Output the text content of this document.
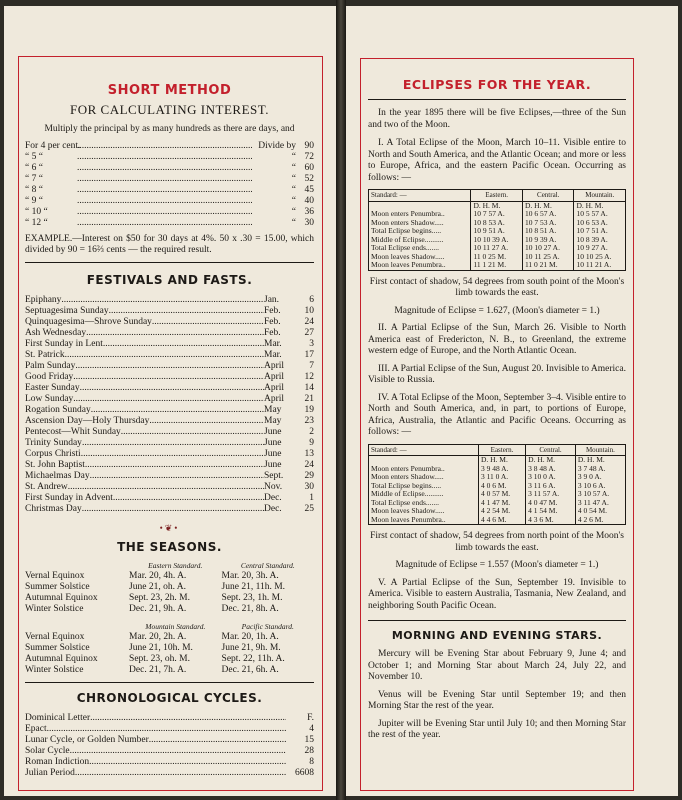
SHORT METHOD
FOR CALCULATING INTEREST.
Multiply the principal by as many hundreds as there are days, and
For 4 per cent. .....	Divide by 90
“ 5 “ .....	“ 72
“ 6 “ .....	“ 60
“ 7 “ .....	“ 52
“ 8 “ .....	“ 45
“ 9 “ .....	“ 40
“ 10 “ .....	“ 36
“ 12 “ .....	“ 30
EXAMPLE.—Interest on $50 for 30 days at 4%. 50 x .30 = 15.00, which divided by 90 = 16⅔ cents — the required result.
FESTIVALS AND FASTS.
Epiphany .....	Jan.	6
Septuagesima Sunday .....	Feb.	10
Quinquagesima—Shrove Sunday .....	Feb.	24
Ash Wednesday .....	Feb.	27
First Sunday in Lent .....	Mar.	3
St. Patrick .....	Mar.	17
Palm Sunday .....	April	7
Good Friday .....	April	12
Easter Sunday .....	April	14
Low Sunday .....	April	21
Rogation Sunday .....	May	19
Ascension Day—Holy Thursday .....	May	23
Pentecost—Whit Sunday .....	June	2
Trinity Sunday .....	June	9
Corpus Christi .....	June	13
St. John Baptist .....	June	24
Michaelmas Day .....	Sept.	29
St. Andrew .....	Nov.	30
First Sunday in Advent .....	Dec.	1
Christmas Day .....	Dec.	25
•❦•
THE SEASONS.
Eastern Standard.	Central Standard.
Vernal Equinox	Mar. 20, 4h. A.	Mar. 20, 3h. A.
Summer Solstice	June 21, oh. A.	June 21, 11h. M.
Autumnal Equinox	Sept. 23, 2h. M.	Sept. 23, 1h. M.
Winter Solstice	Dec. 21, 9h. A.	Dec. 21, 8h. A.
Mountain Standard.	Pacific Standard.
Vernal Equinox	Mar. 20, 2h. A.	Mar. 20, 1h. A.
Summer Solstice	June 21, 10h. M.	June 21, 9h. M.
Autumnal Equinox	Sept. 23, oh. M.	Sept. 22, 11h. A.
Winter Solstice	Dec. 21, 7h. A.	Dec. 21, 6h. A.
CHRONOLOGICAL CYCLES.
Dominical Letter .....	F.
Epact .....	4
Lunar Cycle, or Golden Number .....	15
Solar Cycle .....	28
Roman Indiction .....	8
Julian Period .....	6608
ECLIPSES FOR THE YEAR.

In the year 1895 there will be five Eclipses,—three of the Sun and two of the Moon.

I. A Total Eclipse of the Moon, March 10–11. Visible entire to North and South America, and the Atlantic Ocean; and more or less to Europe, Africa, and the eastern Pacific Ocean. Occurring as follows: —

Standard: —	Eastern.	Central.	Mountain.
	D. H. M.	D. H. M.	D. H. M.
Moon enters Penumbra..	10 7 57 A.	10 6 57 A.	10 5 57 A.
Moon enters Shadow.....	10 8 53 A.	10 7 53 A.	10 6 53 A.
Total Eclipse begins.....	10 9 51 A.	10 8 51 A.	10 7 51 A.
Middle of Eclipse..........	10 10 39 A.	10 9 39 A.	10 8 39 A.
Total Eclipse ends.......	10 11 27 A.	10 10 27 A.	10 9 27 A.
Moon leaves Shadow.....	11 0 25 M.	10 11 25 A.	10 10 25 A.
Moon leaves Penumbra..	11 1 21 M.	11 0 21 M.	10 11 21 A.

First contact of shadow, 54 degrees from south point of the Moon's limb towards the east.

Magnitude of Eclipse = 1.627, (Moon's diameter = 1.)

II. A Partial Eclipse of the Sun, March 26. Visible to North America east of Fredericton, N. B., to Greenland, the extreme western edge of Europe, and the North Atlantic Ocean.

III. A Partial Eclipse of the Sun, August 20. Invisible to America. Visible to Russia.

IV. A Total Eclipse of the Moon, September 3–4. Visible entire to North and South America, and, in part, to portions of Europe, Africa, Australia, the Atlantic and Pacific Oceans. Occurring as follows: —

Standard: —	Eastern.	Central.	Mountain.
	D. H. M.	D. H. M.	D. H. M.
Moon enters Penumbra..	3 9 48 A.	3 8 48 A.	3 7 48 A.
Moon enters Shadow.....	3 11 0 A.	3 10 0 A.	3 9 0 A.
Total Eclipse begins.....	4 0 6 M.	3 11 6 A.	3 10 6 A.
Middle of Eclipse..........	4 0 57 M.	3 11 57 A.	3 10 57 A.
Total Eclipse ends.......	4 1 47 M.	4 0 47 M.	3 11 47 A.
Moon leaves Shadow.....	4 2 54 M.	4 1 54 M.	4 0 54 M.
Moon leaves Penumbra..	4 4 6 M.	4 3 6 M.	4 2 6 M.

First contact of shadow, 54 degrees from north point of the Moon's limb towards the east.

Magnitude of Eclipse = 1.557 (Moon's diameter = 1.)

V. A Partial Eclipse of the Sun, September 19. Invisible to America. Visible to eastern Australia, Tasmania, New Zealand, and neighboring South Pacific Ocean.

MORNING AND EVENING STARS.

Mercury will be Evening Star about February 9, June 4; and October 1; and Morning Star about March 24, July 22, and November 10.

Venus will be Evening Star until September 19; and then Morning Star the rest of the year.

Jupiter will be Evening Star until July 10; and then Morning Star the rest of the year.
